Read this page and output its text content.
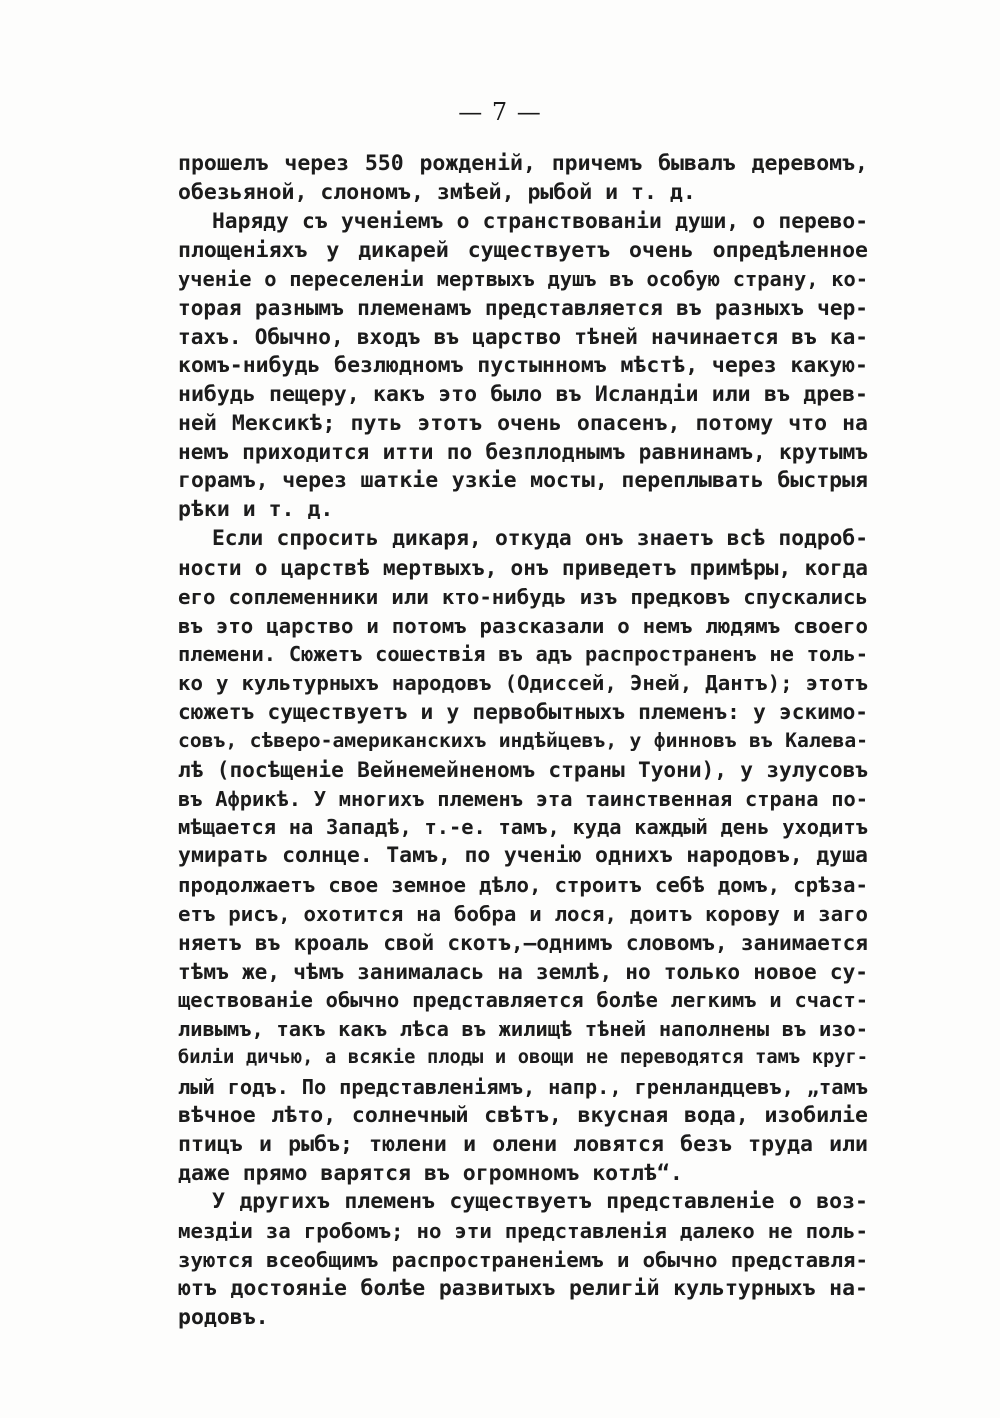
— 7 —
прошелъ через 550 рожденій, причемъ бывалъ деревомъ,
обезьяной, слономъ, змѣей, рыбой и т. д.
Наряду съ ученіемъ о странствованіи души, о перево-
площеніяхъ у дикарей существуетъ очень опредѣленное
ученіе о переселеніи мертвыхъ душъ въ особую страну, ко-
торая разнымъ племенамъ представляется въ разныхъ чер-
тахъ. Обычно, входъ въ царство тѣней начинается въ ка-
комъ-нибудь безлюдномъ пустынномъ мѣстѣ, через какую-
нибудь пещеру, какъ это было въ Исландіи или въ древ-
ней Мексикѣ; путь этотъ очень опасенъ, потому что на
немъ приходится итти по безплоднымъ равнинамъ, крутымъ
горамъ, через шаткіе узкіе мосты, переплывать быстрыя
рѣки и т. д.
Если спросить дикаря, откуда онъ знаетъ всѣ подроб-
ности о царствѣ мертвыхъ, онъ приведетъ примѣры, когда
его соплеменники или кто-нибудь изъ предковъ спускались
въ это царство и потомъ разсказали о немъ людямъ своего
племени. Сюжетъ сошествія въ адъ распространенъ не толь-
ко у культурныхъ народовъ (Одиссей, Эней, Дантъ); этотъ
сюжетъ существуетъ и у первобытныхъ племенъ: у эскимо-
совъ, сѣверо-американскихъ индѣйцевъ, у финновъ въ Калева-
лѣ (посѣщеніе Вейнемейненомъ страны Туони), у зулусовъ
въ Африкѣ. У многихъ племенъ эта таинственная страна по-
мѣщается на Западѣ, т.-е. тамъ, куда каждый день уходитъ
умирать солнце. Тамъ, по ученію однихъ народовъ, душа
продолжаетъ свое земное дѣло, строитъ себѣ домъ, срѣза-
етъ рисъ, охотится на бобра и лося, доитъ корову и заго
няетъ въ кроаль свой скотъ,—однимъ словомъ, занимается
тѣмъ же, чѣмъ занималась на землѣ, но только новое су-
ществованіе обычно представляется болѣе легкимъ и счаст-
ливымъ, такъ какъ лѣса въ жилищѣ тѣней наполнены въ изо-
биліи дичью, а всякіе плоды и овощи не переводятся тамъ круг-
лый годъ. По представленіямъ, напр., гренландцевъ, „тамъ
вѣчное лѣто, солнечный свѣтъ, вкусная вода, изобиліе
птицъ и рыбъ; тюлени и олени ловятся безъ труда или
даже прямо варятся въ огромномъ котлѣ“.
У другихъ племенъ существуетъ представленіе о воз-
мездіи за гробомъ; но эти представленія далеко не поль-
зуются всеобщимъ распространеніемъ и обычно представля-
ютъ достояніе болѣе развитыхъ религій культурныхъ на-
родовъ.
